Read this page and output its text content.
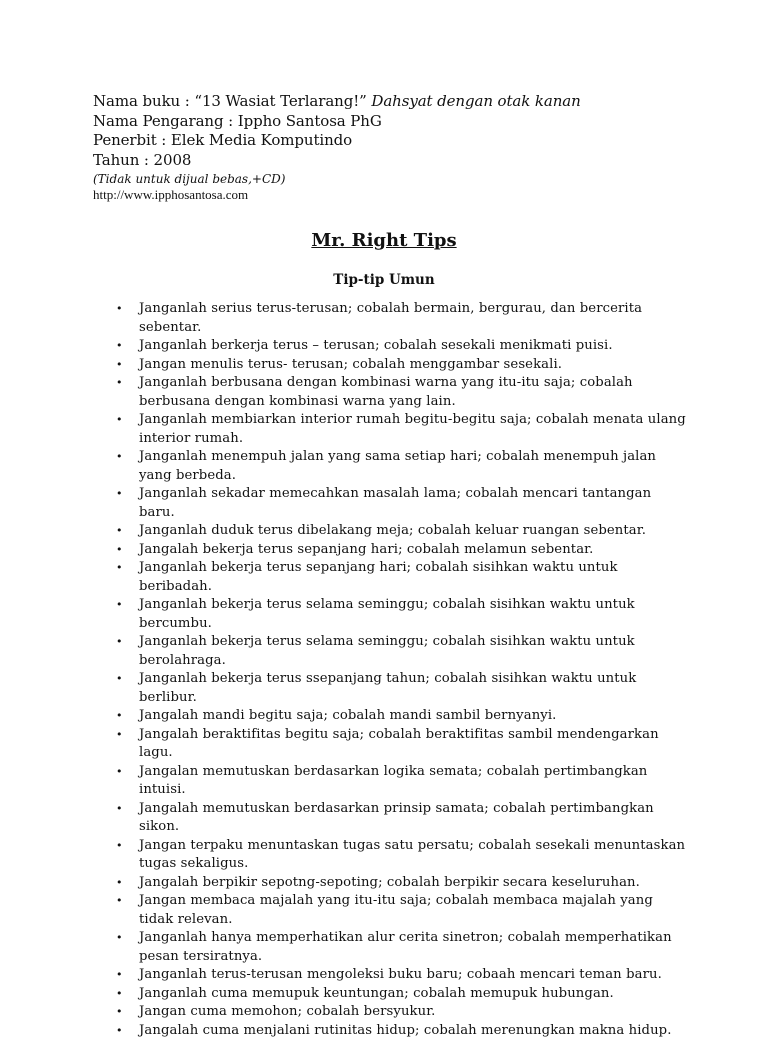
Nama buku : “13 Wasiat Terlarang!” Dahsyat dengan otak kanan
Nama Pengarang : Ippho Santosa PhG
Penerbit : Elek Media Komputindo
Tahun : 2008
(Tidak untuk dijual bebas,+CD)
http://www.ipphosantosa.com
Mr. Right Tips
Tip-tip Umun
• Janganlah serius terus-terusan; cobalah bermain, bergurau, dan bercerita sebentar.
• Janganlah berkerja terus – terusan; cobalah sesekali menikmati puisi.
• Jangan menulis terus- terusan; cobalah menggambar sesekali.
• Janganlah berbusana dengan kombinasi warna yang itu-itu saja; cobalah berbusana dengan kombinasi warna yang lain.
• Janganlah membiarkan interior rumah begitu-begitu saja; cobalah menata ulang interior rumah.
• Janganlah menempuh jalan yang sama setiap hari; cobalah menempuh jalan yang berbeda.
• Janganlah sekadar memecahkan masalah lama; cobalah mencari tantangan baru.
• Janganlah duduk terus dibelakang meja; cobalah keluar ruangan sebentar.
• Jangalah bekerja terus sepanjang hari; cobalah melamun sebentar.
• Janganlah bekerja terus sepanjang hari; cobalah sisihkan waktu untuk beribadah.
• Janganlah bekerja terus selama seminggu; cobalah sisihkan waktu untuk bercumbu.
• Janganlah bekerja terus selama seminggu; cobalah sisihkan waktu untuk berolahraga.
• Janganlah bekerja terus ssepanjang tahun; cobalah sisihkan waktu untuk berlibur.
• Jangalah mandi begitu saja; cobalah mandi sambil bernyanyi.
• Jangalah beraktifitas begitu saja; cobalah beraktifitas sambil mendengarkan lagu.
• Jangalan memutuskan berdasarkan logika semata; cobalah pertimbangkan intuisi.
• Jangalah memutuskan berdasarkan prinsip samata; cobalah pertimbangkan sikon.
• Jangan terpaku menuntaskan tugas satu persatu; cobalah sesekali menuntaskan tugas sekaligus.
• Jangalah berpikir sepotng-sepoting; cobalah berpikir secara keseluruhan.
• Jangan membaca majalah yang itu-itu saja; cobalah membaca majalah yang tidak relevan.
• Janganlah hanya memperhatikan alur cerita sinetron; cobalah memperhatikan pesan tersiratnya.
• Janganlah terus-terusan mengoleksi buku baru; cobaah mencari teman baru.
• Janganlah cuma memupuk keuntungan; cobalah memupuk hubungan.
• Jangan cuma memohon; cobalah bersyukur.
• Jangalah cuma menjalani rutinitas hidup; cobalah merenungkan makna hidup.
